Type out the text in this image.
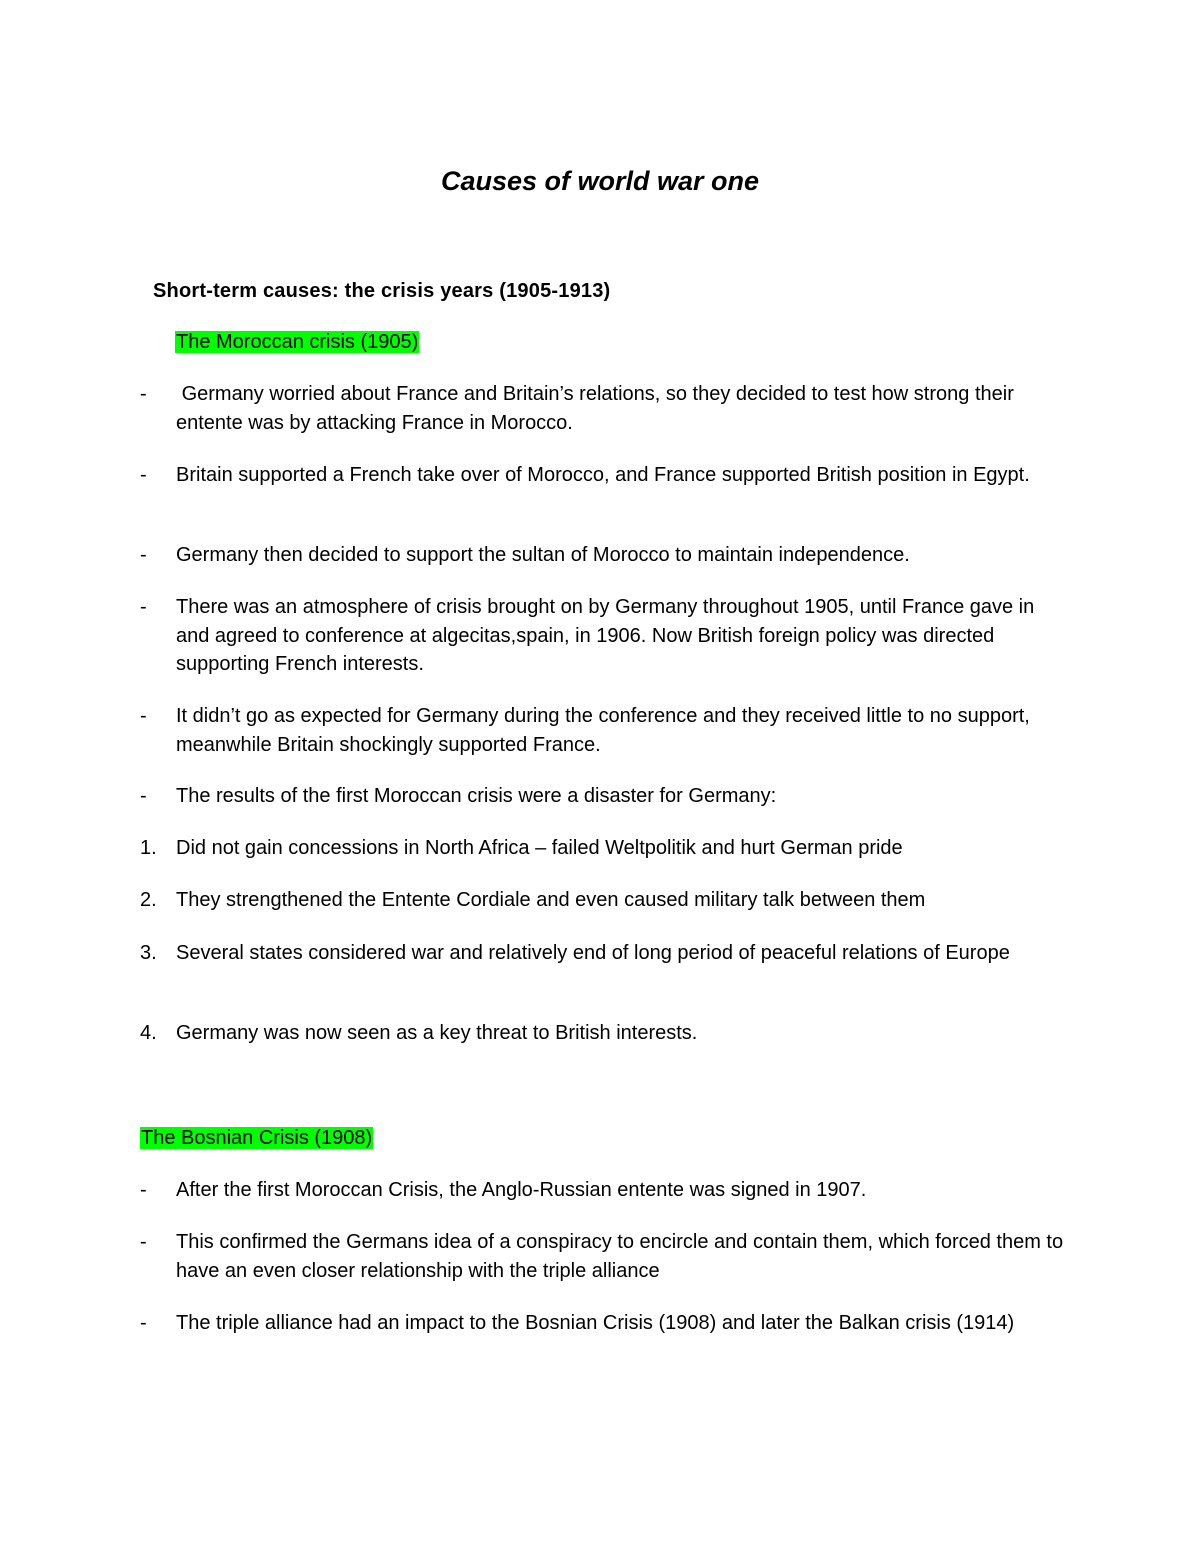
Causes of world war one

Short-term causes: the crisis years (1905-1913)

The Moroccan crisis (1905)

-	Germany worried about France and Britain’s relations, so they decided to test how strong their entente was by attacking France in Morocco.
-	Britain supported a French take over of Morocco, and France supported British position in Egypt.
-	Germany then decided to support the sultan of Morocco to maintain independence.
-	There was an atmosphere of crisis brought on by Germany throughout 1905, until France gave in and agreed to conference at algecitas,spain, in 1906. Now British foreign policy was directed supporting French interests.
-	It didn’t go as expected for Germany during the conference and they received little to no support, meanwhile Britain shockingly supported France.
-	The results of the first Moroccan crisis were a disaster for Germany:
1. Did not gain concessions in North Africa – failed Weltpolitik and hurt German pride
2. They strengthened the Entente Cordiale and even caused military talk between them
3. Several states considered war and relatively end of long period of peaceful relations of Europe
4. Germany was now seen as a key threat to British interests.

The Bosnian Crisis (1908)

-	After the first Moroccan Crisis, the Anglo-Russian entente was signed in 1907.
-	This confirmed the Germans idea of a conspiracy to encircle and contain them, which forced them to have an even closer relationship with the triple alliance
-	The triple alliance had an impact to the Bosnian Crisis (1908) and later the Balkan crisis (1914)
